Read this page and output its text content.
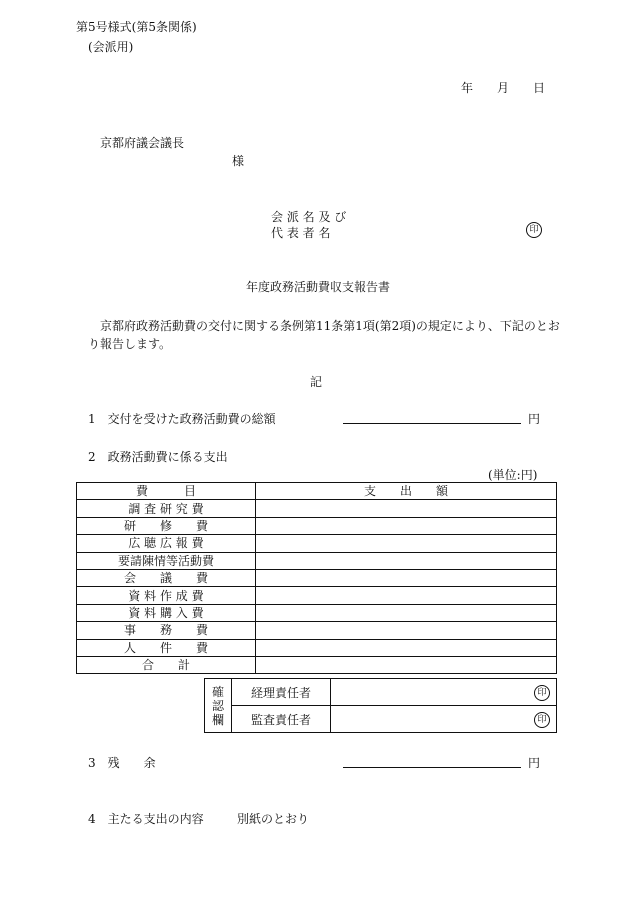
第5号様式(第5条関係)
(会派用)
年 月 日
京都府議会議長
様
会 派 名 及 び
代 表 者 名	印
年度政務活動費収支報告書
京都府政務活動費の交付に関する条例第11条第1項(第2項)の規定により、下記のとお
り報告します。
記
1　交付を受けた政務活動費の総額	円
2　政務活動費に係る支出
(単位:円)
費　　　目	支　　出　　額
調 査 研 究 費	
研　　修　　費	
広 聴 広 報 費	
要請陳情等活動費	
会　　議　　費	
資 料 作 成 費	
資 料 購 入 費	
事　　務　　費	
人　　件　　費	
合　　計	
確
認
欄	経理責任者	印
	監査責任者	印
3　残　　余	円
4　主たる支出の内容	別紙のとおり
